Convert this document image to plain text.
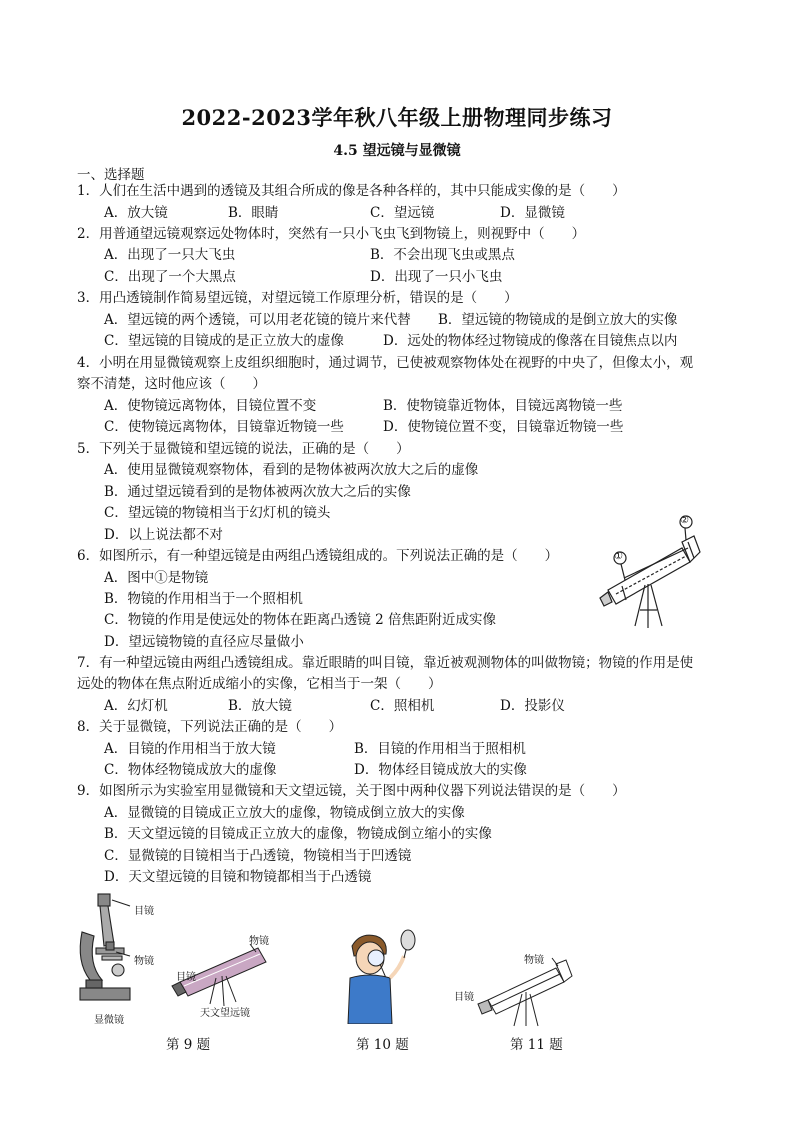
2022-2023学年秋八年级上册物理同步练习
4.5 望远镜与显微镜
一、选择题
1．人们在生活中遇到的透镜及其组合所成的像是各种各样的，其中只能成实像的是（　　）
A．放大镜	B．眼睛	C．望远镜	D．显微镜
2．用普通望远镜观察远处物体时，突然有一只小飞虫飞到物镜上，则视野中（　　）
A．出现了一只大飞虫	B．不会出现飞虫或黑点
C．出现了一个大黑点	D．出现了一只小飞虫
3．用凸透镜制作简易望远镜，对望远镜工作原理分析，错误的是（　　）
A．望远镜的两个透镜，可以用老花镜的镜片来代替 B．望远镜的物镜成的是倒立放大的实像
C．望远镜的目镜成的是正立放大的虚像	D．远处的物体经过物镜成的像落在目镜焦点以内
4．小明在用显微镜观察上皮组织细胞时，通过调节，已使被观察物体处在视野的中央了，但像太小，观
察不清楚，这时他应该（　　）
A．使物镜远离物体，目镜位置不变	B．使物镜靠近物体，目镜远离物镜一些
C．使物镜远离物体，目镜靠近物镜一些	D．使物镜位置不变，目镜靠近物镜一些
5．下列关于显微镜和望远镜的说法，正确的是（　　）
A．使用显微镜观察物体，看到的是物体被两次放大之后的虚像
B．通过望远镜看到的是物体被两次放大之后的实像
C．望远镜的物镜相当于幻灯机的镜头
D．以上说法都不对
6．如图所示，有一种望远镜是由两组凸透镜组成的。下列说法正确的是（　　）
A．图中①是物镜
B．物镜的作用相当于一个照相机
C．物镜的作用是使远处的物体在距离凸透镜 2 倍焦距附近成实像
D．望远镜物镜的直径应尽量做小
①
②
7．有一种望远镜由两组凸透镜组成。靠近眼睛的叫目镜，靠近被观测物体的叫做物镜；物镜的作用是使
远处的物体在焦点附近成缩小的实像，它相当于一架（　　）
A．幻灯机	B．放大镜	C．照相机	D．投影仪
8．关于显微镜，下列说法正确的是（　　）
A．目镜的作用相当于放大镜	B．目镜的作用相当于照相机
C．物体经物镜成放大的虚像	D．物体经目镜成放大的实像
9．如图所示为实验室用显微镜和天文望远镜，关于图中两种仪器下列说法错误的是（　　）
A．显微镜的目镜成正立放大的虚像，物镜成倒立放大的实像
B．天文望远镜的目镜成正立放大的虚像，物镜成倒立缩小的实像
C．显微镜的目镜相当于凸透镜，物镜相当于凹透镜
D．天文望远镜的目镜和物镜都相当于凸透镜
目镜
物镜
显微镜
物镜
目镜
天文望远镜
物镜
目镜
第 9 题	第 10 题	第 11 题
